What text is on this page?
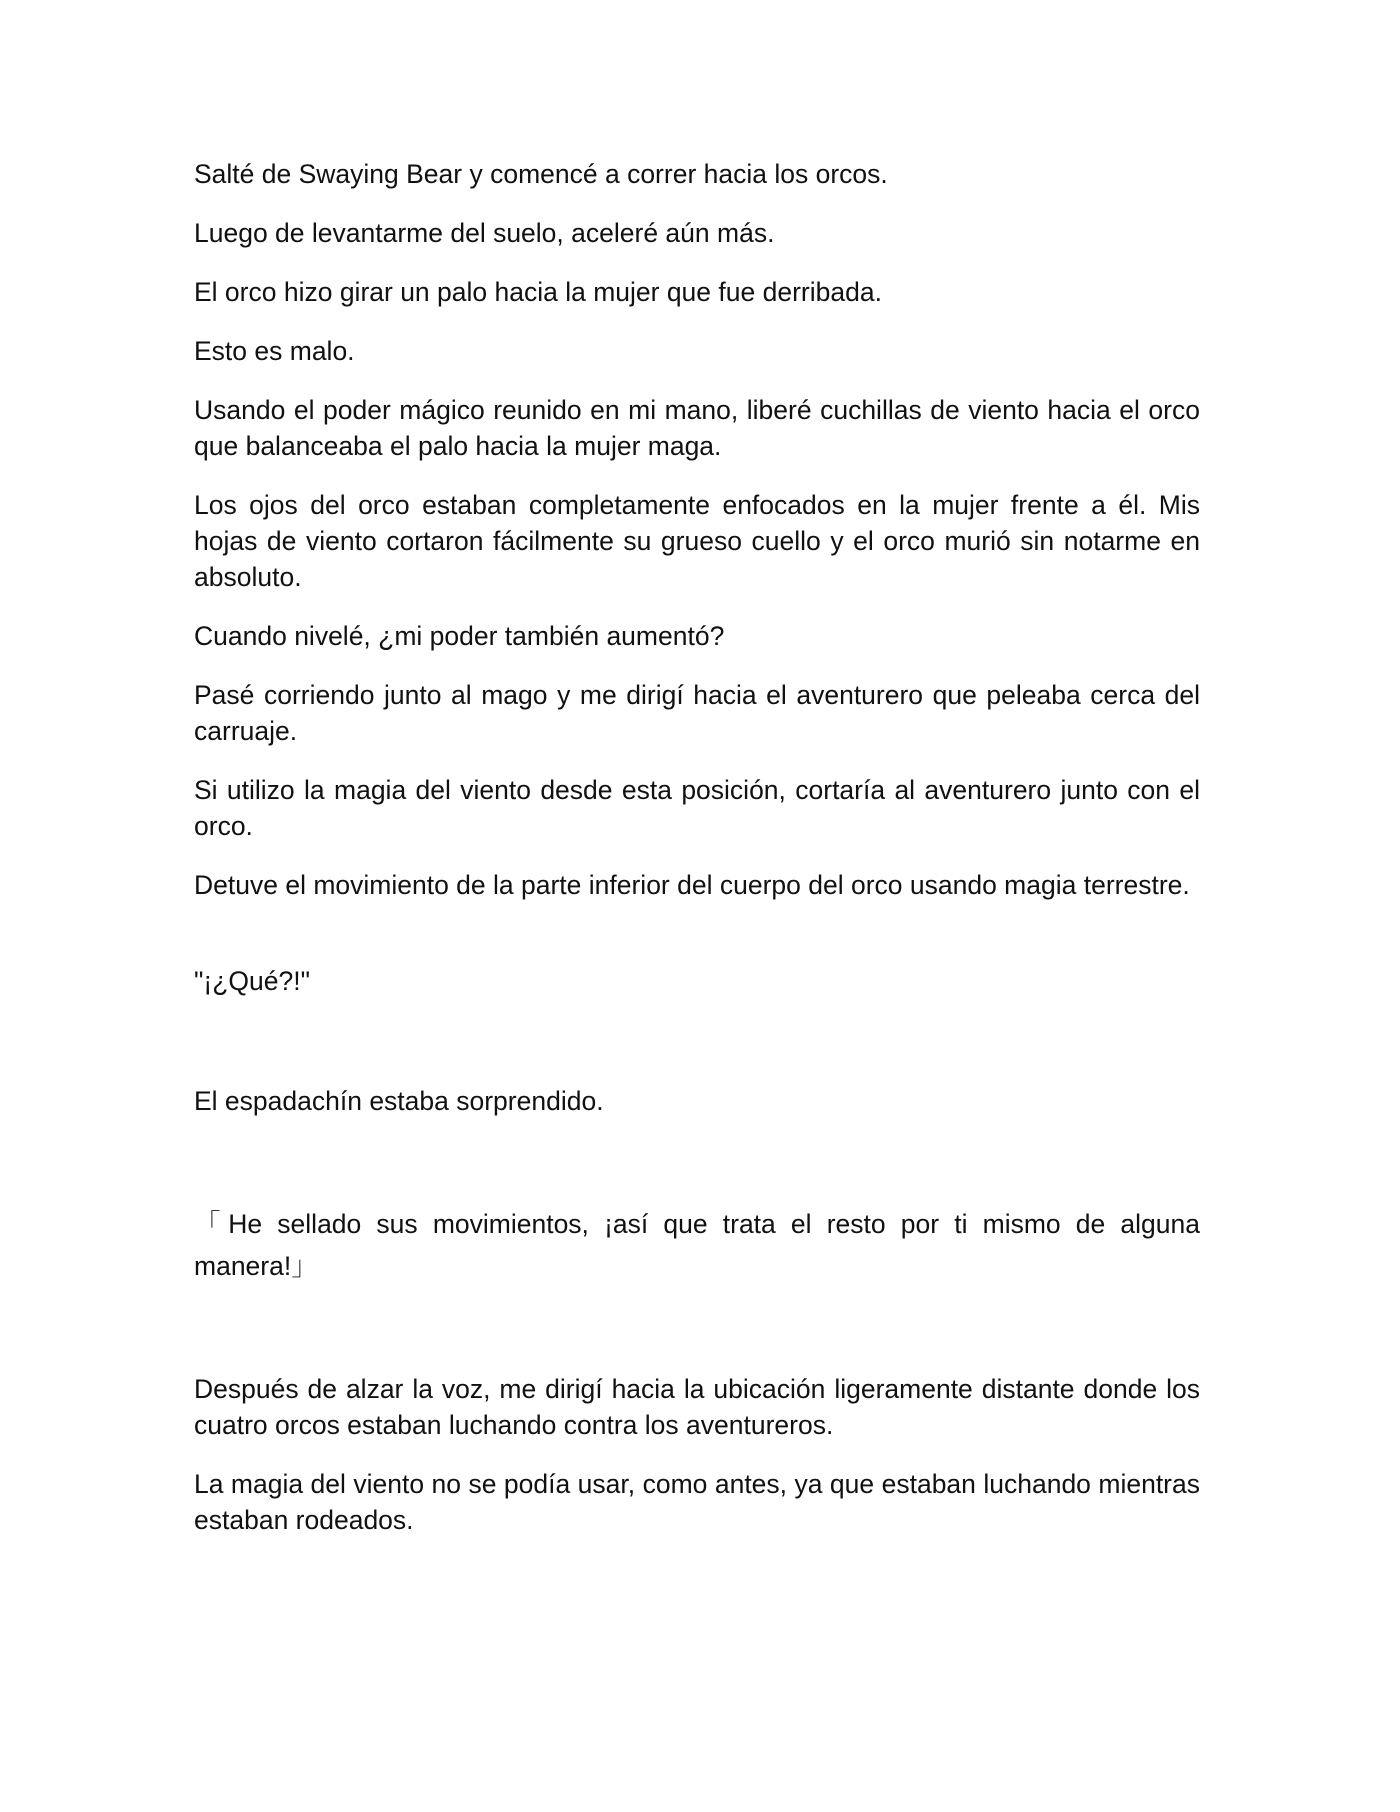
Salté de Swaying Bear y comencé a correr hacia los orcos.

Luego de levantarme del suelo, aceleré aún más.

El orco hizo girar un palo hacia la mujer que fue derribada.

Esto es malo.

Usando el poder mágico reunido en mi mano, liberé cuchillas de viento hacia el orco que balanceaba el palo hacia la mujer maga.

Los ojos del orco estaban completamente enfocados en la mujer frente a él. Mis hojas de viento cortaron fácilmente su grueso cuello y el orco murió sin notarme en absoluto.

Cuando nivelé, ¿mi poder también aumentó?

Pasé corriendo junto al mago y me dirigí hacia el aventurero que peleaba cerca del carruaje.

Si utilizo la magia del viento desde esta posición, cortaría al aventurero junto con el orco.

Detuve el movimiento de la parte inferior del cuerpo del orco usando magia terrestre.

"¡¿Qué?!"

El espadachín estaba sorprendido.

「He sellado sus movimientos, ¡así que trata el resto por ti mismo de alguna manera!」

Después de alzar la voz, me dirigí hacia la ubicación ligeramente distante donde los cuatro orcos estaban luchando contra los aventureros.

La magia del viento no se podía usar, como antes, ya que estaban luchando mientras estaban rodeados.
